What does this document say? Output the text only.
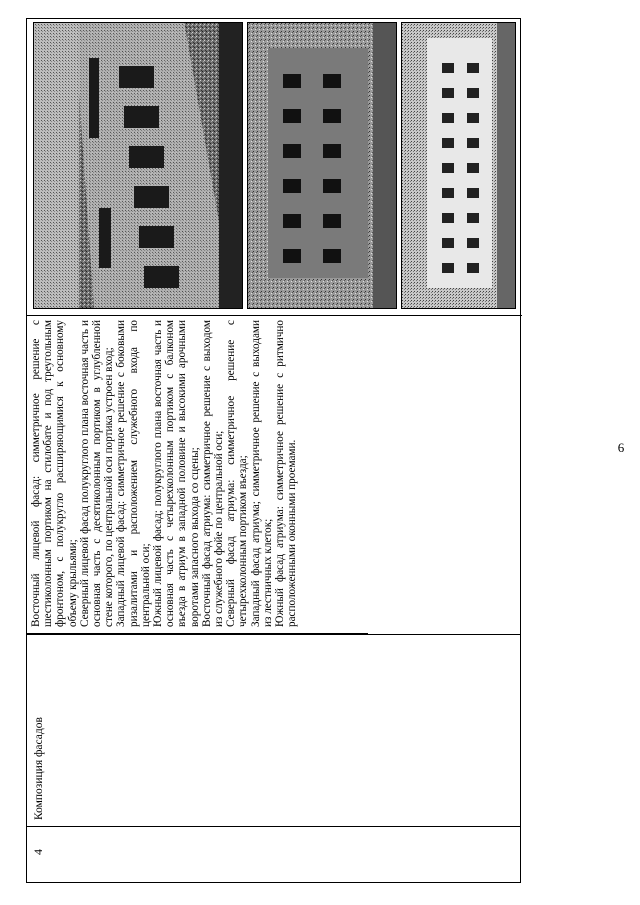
6
4
Композиция фасадов
Восточный лицевой фасад: симметричное решение с шестиколонным портиком на стилобате и под треугольным фронтоном, с полукругло расширяющимися к основному объему крыльями; Северный лицевой фасад полукруглого плана восточная часть и основная часть с десятиколонным портиком в углубленной стене которого, по центральной оси портика устроен вход; Западный лицевой фасад: симметричное решение с боковыми ризалитами и расположением служебного входа по центральной оси; Южный лицевой фасад; полукруглого плана восточная часть и основная часть с четырехколонным портиком с балконом въезда в атриум в западной половине и высокими арочными воротами запасного выхода со сцены; Восточный фасад атриума: симметричное решение с выходом из служебного фойе по центральной оси; Северный фасад атриума: симметричное решение с четырехколонным портиком въезда; Западный фасад атриума; симметричное решение с выходами из лестничных клеток; Южный фасад атриума: симметричное решение с ритмично расположенными оконными проемами.
